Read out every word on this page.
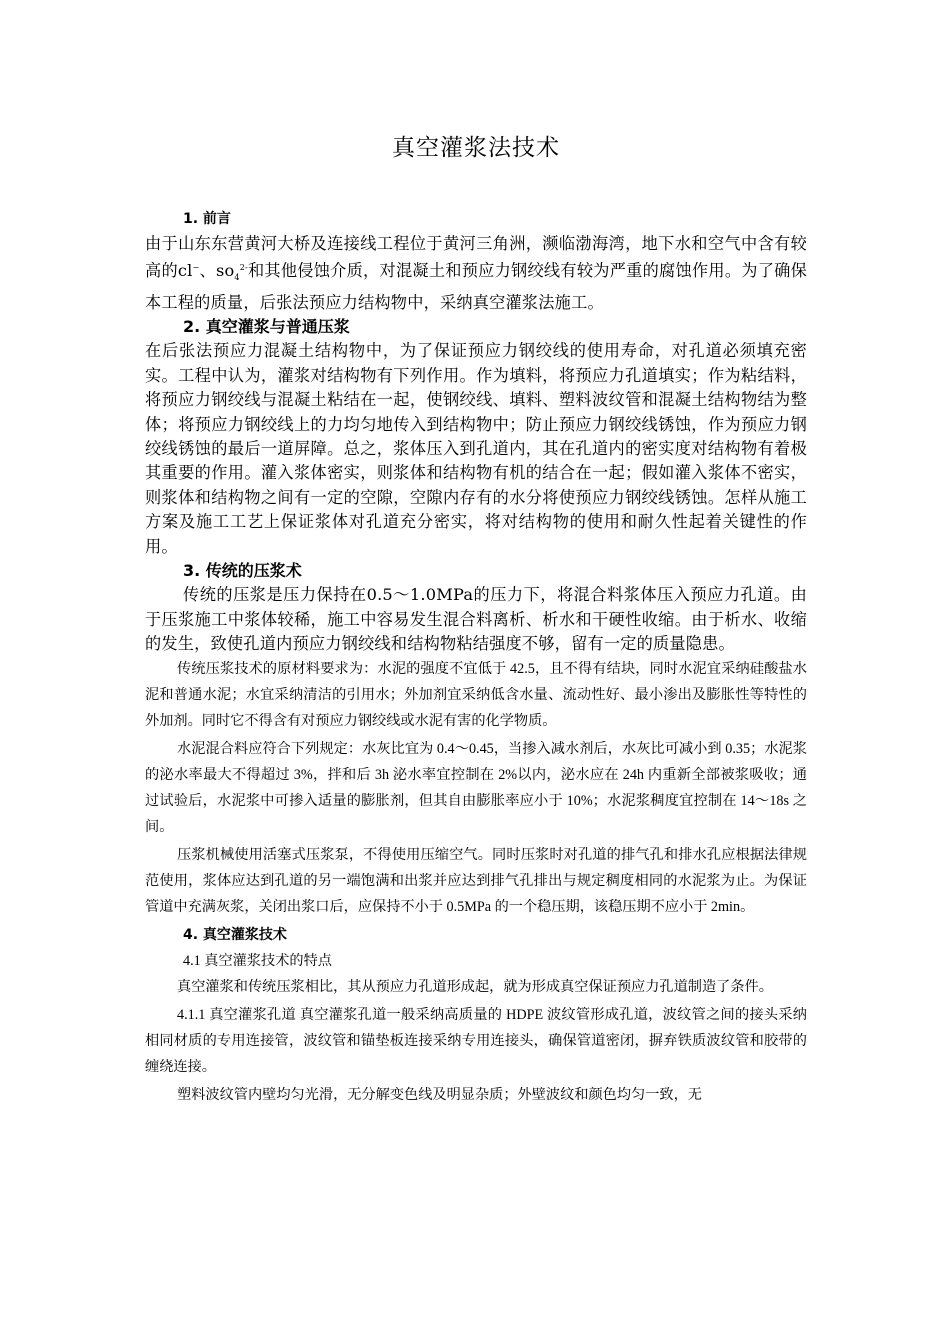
真空灌浆法技术
1. 前言

由于山东东营黄河大桥及连接线工程位于黄河三角洲，濒临渤海湾，地下水和空气中含有较高的cl−、$so_4^{2-}$和其他侵蚀介质，对混凝土和预应力钢绞线有较为严重的腐蚀作用。为了确保本工程的质量，后张法预应力结构物中，采纳真空灌浆法施工。

2. 真空灌浆与普通压浆

在后张法预应力混凝土结构物中，为了保证预应力钢绞线的使用寿命，对孔道必须填充密实。工程中认为，灌浆对结构物有下列作用。作为填料，将预应力孔道填实；作为粘结料，将预应力钢绞线与混凝土粘结在一起，使钢绞线、填料、塑料波纹管和混凝土结构物结为整体；将预应力钢绞线上的力均匀地传入到结构物中；防止预应力钢绞线锈蚀，作为预应力钢绞线锈蚀的最后一道屏障。总之，浆体压入到孔道内，其在孔道内的密实度对结构物有着极其重要的作用。灌入浆体密实，则浆体和结构物有机的结合在一起；假如灌入浆体不密实，则浆体和结构物之间有一定的空隙，空隙内存有的水分将使预应力钢绞线锈蚀。怎样从施工方案及施工工艺上保证浆体对孔道充分密实，将对结构物的使用和耐久性起着关键性的作用。

3. 传统的压浆术

传统的压浆是压力保持在0.5～1.0MPa的压力下，将混合料浆体压入预应力孔道。由于压浆施工中浆体较稀，施工中容易发生混合料离析、析水和干硬性收缩。由于析水、收缩的发生，致使孔道内预应力钢绞线和结构物粘结强度不够，留有一定的质量隐患。

传统压浆技术的原材料要求为：水泥的强度不宜低于 42.5，且不得有结块，同时水泥宜采纳硅酸盐水泥和普通水泥；水宜采纳清洁的引用水；外加剂宜采纳低含水量、流动性好、最小渗出及膨胀性等特性的外加剂。同时它不得含有对预应力钢绞线或水泥有害的化学物质。

水泥混合料应符合下列规定：水灰比宜为 0.4～0.45，当掺入减水剂后，水灰比可减小到 0.35；水泥浆的泌水率最大不得超过 3%，拌和后 3h 泌水率宜控制在 2%以内，泌水应在 24h 内重新全部被浆吸收；通过试验后，水泥浆中可掺入适量的膨胀剂，但其自由膨胀率应小于 10%；水泥浆稠度宜控制在 14～18s 之间。

压浆机械使用活塞式压浆泵，不得使用压缩空气。同时压浆时对孔道的排气孔和排水孔应根据法律规范使用，浆体应达到孔道的另一端饱满和出浆并应达到排气孔排出与规定稠度相同的水泥浆为止。为保证管道中充满灰浆，关闭出浆口后，应保持不小于 0.5MPa 的一个稳压期，该稳压期不应小于 2min。

4. 真空灌浆技术
4.1 真空灌浆技术的特点

真空灌浆和传统压浆相比，其从预应力孔道形成起，就为形成真空保证预应力孔道制造了条件。

4.1.1 真空灌浆孔道 真空灌浆孔道一般采纳高质量的 HDPE 波纹管形成孔道，波纹管之间的接头采纳相同材质的专用连接管，波纹管和锚垫板连接采纳专用连接头，确保管道密闭，摒弃铁质波纹管和胶带的缠绕连接。

塑料波纹管内壁均匀光滑，无分解变色线及明显杂质；外壁波纹和颜色均匀一致，无
